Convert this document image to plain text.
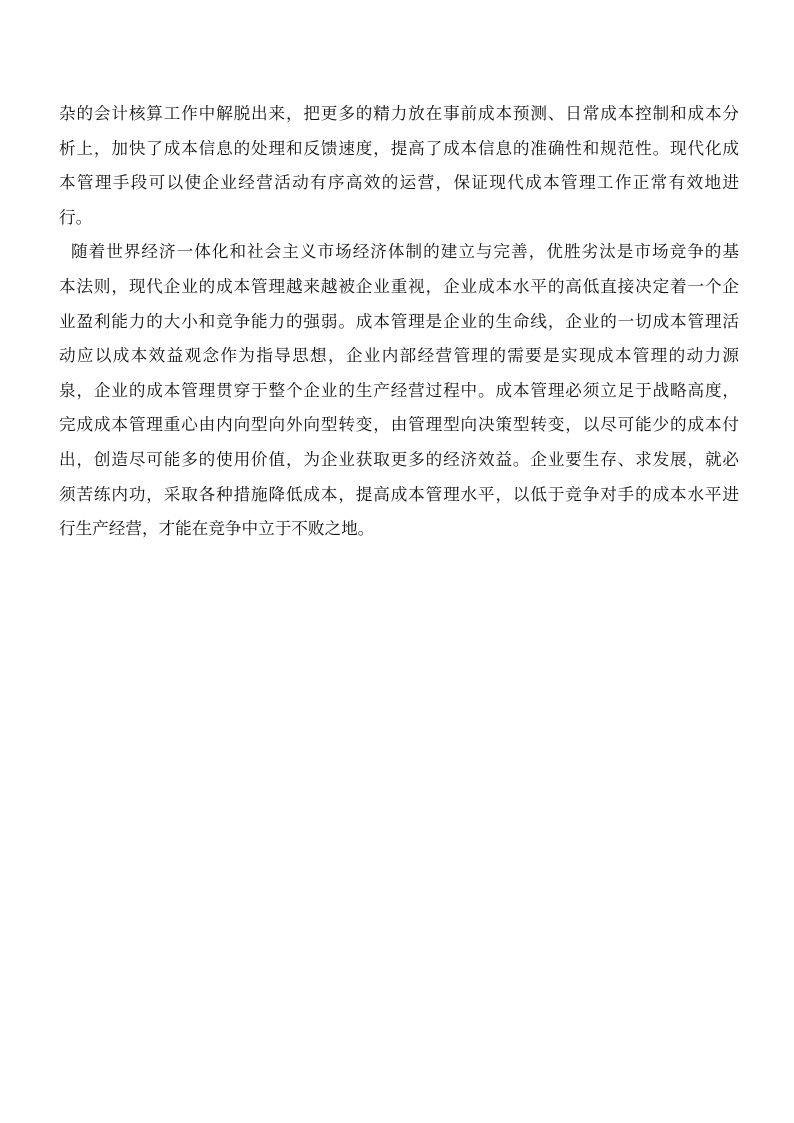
杂的会计核算工作中解脱出来，把更多的精力放在事前成本预测、日常成本控制和成本分
析上，加快了成本信息的处理和反馈速度，提高了成本信息的准确性和规范性。现代化成
本管理手段可以使企业经营活动有序高效的运营，保证现代成本管理工作正常有效地进
行。
随着世界经济一体化和社会主义市场经济体制的建立与完善，优胜劣汰是市场竞争的基
本法则，现代企业的成本管理越来越被企业重视，企业成本水平的高低直接决定着一个企
业盈利能力的大小和竞争能力的强弱。成本管理是企业的生命线，企业的一切成本管理活
动应以成本效益观念作为指导思想，企业内部经营管理的需要是实现成本管理的动力源
泉，企业的成本管理贯穿于整个企业的生产经营过程中。成本管理必须立足于战略高度，
完成成本管理重心由内向型向外向型转变，由管理型向决策型转变，以尽可能少的成本付
出，创造尽可能多的使用价值，为企业获取更多的经济效益。企业要生存、求发展，就必
须苦练内功，采取各种措施降低成本，提高成本管理水平，以低于竞争对手的成本水平进
行生产经营，才能在竞争中立于不败之地。
